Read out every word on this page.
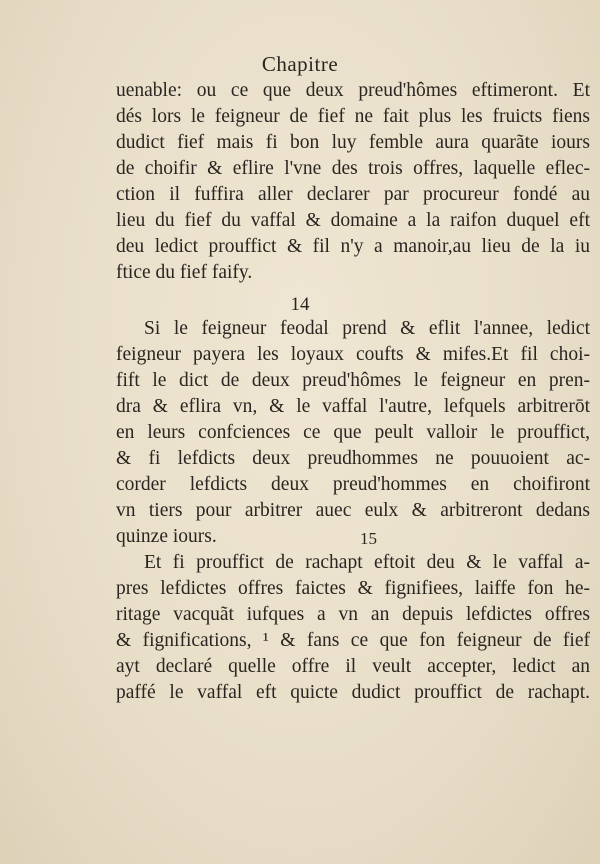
Chapitre
uenable: ou ce que deux preud'hômes eftimeront. Et
dés lors le feigneur de fief ne fait plus les fruicts fiens
dudict fief mais fi bon luy femble aura quarãte iours
de choifir & eflire l'vne des trois offres, laquelle eflec-
ction il fuffira aller declarer par procureur fondé au
lieu du fief du vaffal & domaine a la raifon duquel eft
deu ledict prouffict & fil n'y a manoir,au lieu de la iu
ftice du fief faify.
14
Si le feigneur feodal prend & eflit l'annee, ledict
feigneur payera les loyaux coufts & mifes.Et fil choi-
fift le dict de deux preud'hômes le feigneur en pren-
dra & eflira vn, & le vaffal l'autre, lefquels arbitrerōt
en leurs confciences ce que peult valloir le prouffict,
& fi lefdicts deux preudhommes ne pouuoient ac-
corder lefdicts deux preud'hommes en choifiront
vn tiers pour arbitrer auec eulx & arbitreront dedans
quinze iours.	15
Et fi prouffict de rachapt eftoit deu & le vaffal a-
pres lefdictes offres faictes & fignifiees, laiffe fon he-
ritage vacquãt iufques a vn an depuis lefdictes offres
& fignifications, ¹ & fans ce que fon feigneur de fief
ayt declaré quelle offre il veult accepter, ledict an
paffé le vaffal eft quicte dudict prouffict de rachapt.
